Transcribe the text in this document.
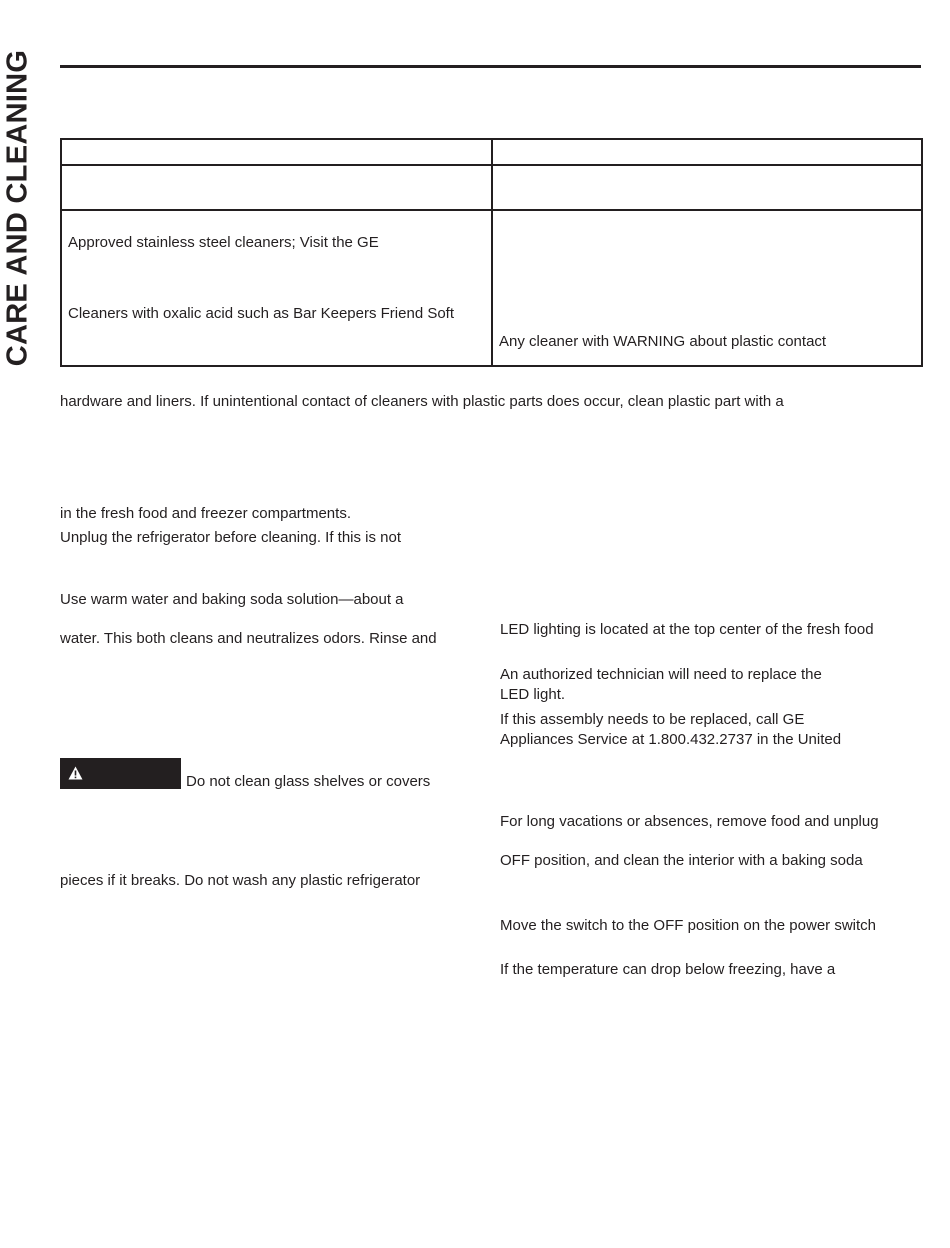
CARE AND CLEANING

	Approved stainless steel cleaners; Visit the GE
Cleaners with oxalic acid such as Bar Keepers Friend Soft	Any cleaner with WARNING about plastic contact
hardware and liners. If unintentional contact of cleaners with plastic parts does occur, clean plastic part with a
in the fresh food and freezer compartments.
Unplug the refrigerator before cleaning. If this is not
Use warm water and baking soda solution—about a
water. This both cleans and neutralizes odors. Rinse and
Do not clean glass shelves or covers
pieces if it breaks. Do not wash any plastic refrigerator
LED lighting is located at the top center of the fresh food
An authorized technician will need to replace the
LED light.
If this assembly needs to be replaced, call GE
Appliances Service at 1.800.432.2737 in the United
For long vacations or absences, remove food and unplug
OFF position, and clean the interior with a baking soda
Move the switch to the OFF position on the power switch
If the temperature can drop below freezing, have a
